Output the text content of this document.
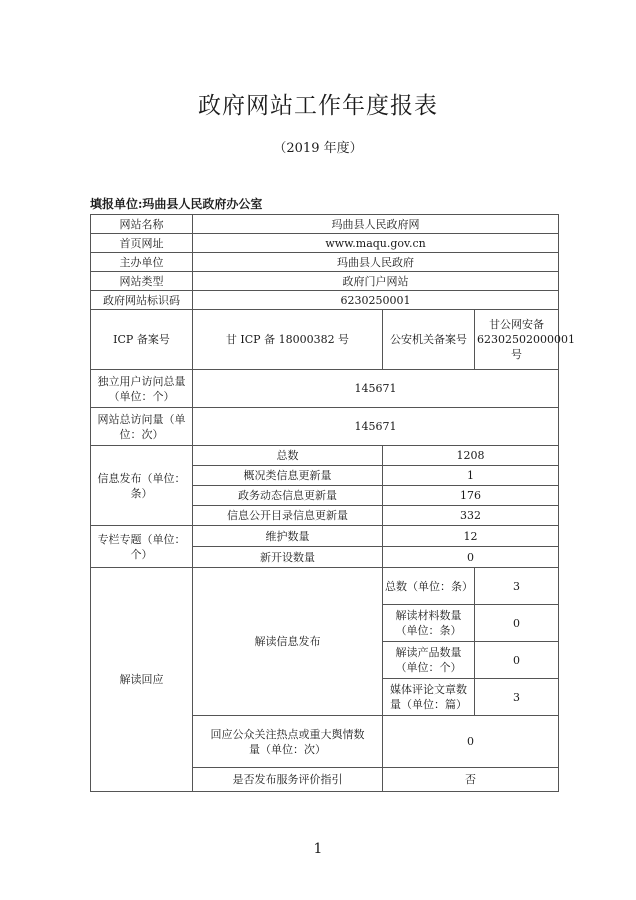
政府网站工作年度报表
（2019 年度）
填报单位:玛曲县人民政府办公室
网站名称	玛曲县人民政府网		
首页网址	www.maqu.gov.cn		
主办单位	玛曲县人民政府		
网站类型	政府门户网站		
政府网站标识码	6230250001		
ICP 备案号	甘 ICP 备 18000382 号	公安机关备案号	甘公网安备 62302502000001 号
独立用户访问总量（单位：个）	145671		
网站总访问量（单位：次）	145671		
信息发布（单位：条）	总数	1208	
	概况类信息更新量	1	
	政务动态信息更新量	176	
	信息公开目录信息更新量	332	
专栏专题（单位：个）	维护数量	12	
	新开设数量	0	
解读回应	解读信息发布	总数（单位：条）	3
		解读材料数量（单位：条）	0
		解读产品数量（单位：个）	0
		媒体评论文章数量（单位：篇）	3
	回应公众关注热点或重大舆情数量（单位：次）	0	
	是否发布服务评价指引	否	
1
